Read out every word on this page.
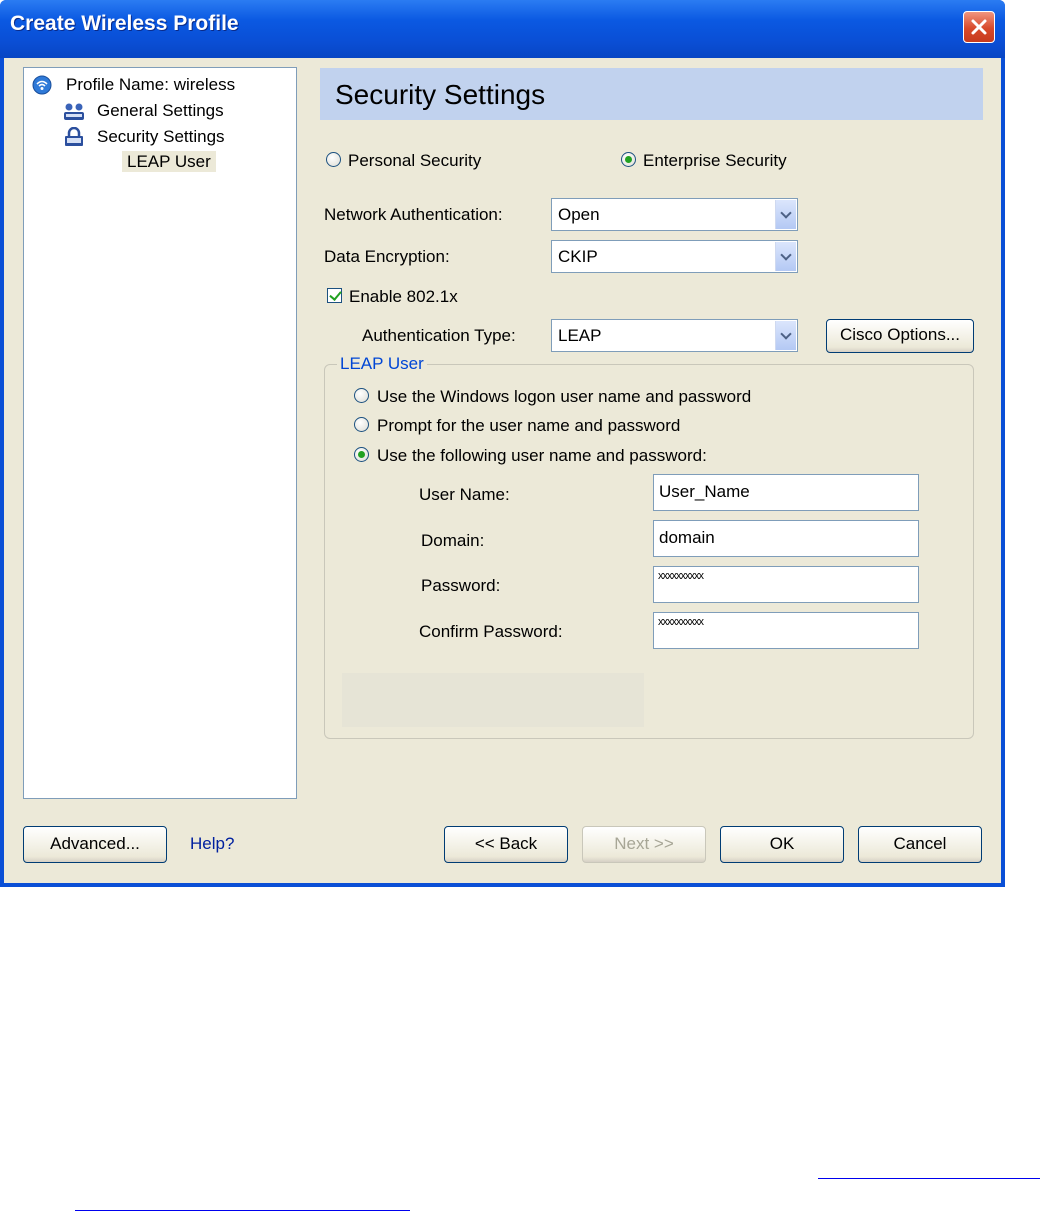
Create Wireless Profile
Profile Name: wireless
General Settings
Security Settings
LEAP User
Security Settings
Personal Security	Enterprise Security
Network Authentication:	Open
Data Encryption:	CKIP
Enable 802.1x
Authentication Type: LEAP	Cisco Options...
LEAP User
Use the Windows logon user name and password
Prompt for the user name and password
Use the following user name and password:
User Name:	User_Name
Domain:	domain
Password:	xxxxxxxxxx
Confirm Password:	xxxxxxxxxx
Advanced...	Help?	<< Back	Next >>	OK	Cancel
